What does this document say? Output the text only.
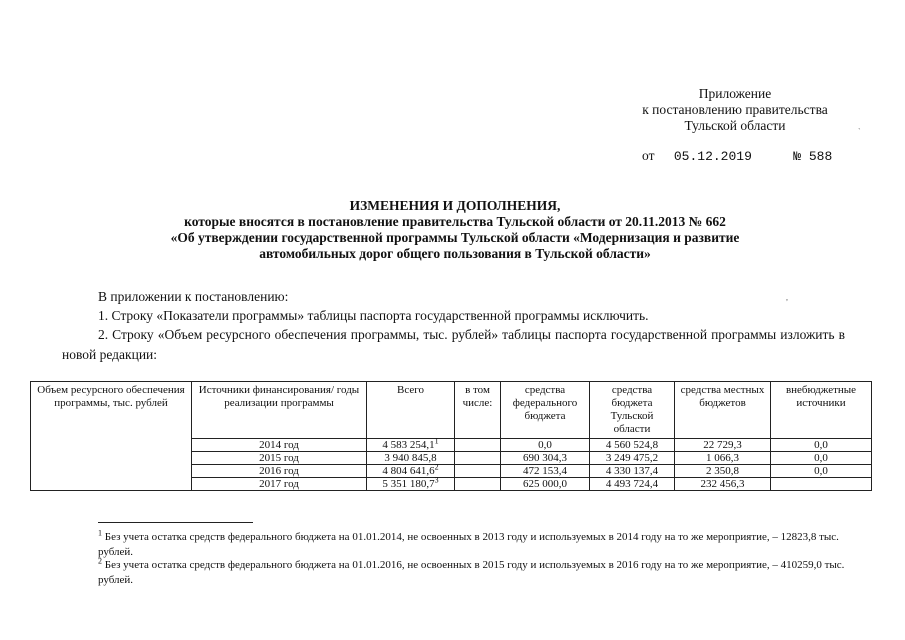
Приложение
к постановлению правительства
Тульской области
от 05.12.2019	№ 588
`
ИЗМЕНЕНИЯ И ДОПОЛНЕНИЯ,
которые вносятся в постановление правительства Тульской области от 20.11.2013 № 662
«Об утверждении государственной программы Тульской области «Модернизация и развитие
автомобильных дорог общего пользования в Тульской области»
В приложении к постановлению:	,
1. Строку «Показатели программы» таблицы паспорта государственной программы исключить.
2. Строку «Объем ресурсного обеспечения программы, тыс. рублей» таблицы паспорта государственной программы изложить в новой редакции:
Объем ресурсного обеспечения программы, тыс. рублей	Источники финансирования/ годы реализации программы	Всего	в том числе:	средства федерального бюджета	средства бюджета Тульской области	средства местных бюджетов	внебюджетные источники
	2014 год	4 583 254,1$^1$		0,0	4 560 524,8	22 729,3	0,0
	2015 год	3 940 845,8		690 304,3	3 249 475,2	1 066,3	0,0
	2016 год	4 804 641,6$^2$		472 153,4	4 330 137,4	2 350,8	0,0
	2017 год	5 351 180,7$^3$		625 000,0	4 493 724,4	232 456,3	
$^1$ Без учета остатка средств федерального бюджета на 01.01.2014, не освоенных в 2013 году и используемых в 2014 году на то же мероприятие, – 12823,8 тыс. рублей.
$^2$ Без учета остатка средств федерального бюджета на 01.01.2016, не освоенных в 2015 году и используемых в 2016 году на то же мероприятие, – 410259,0 тыс. рублей.
